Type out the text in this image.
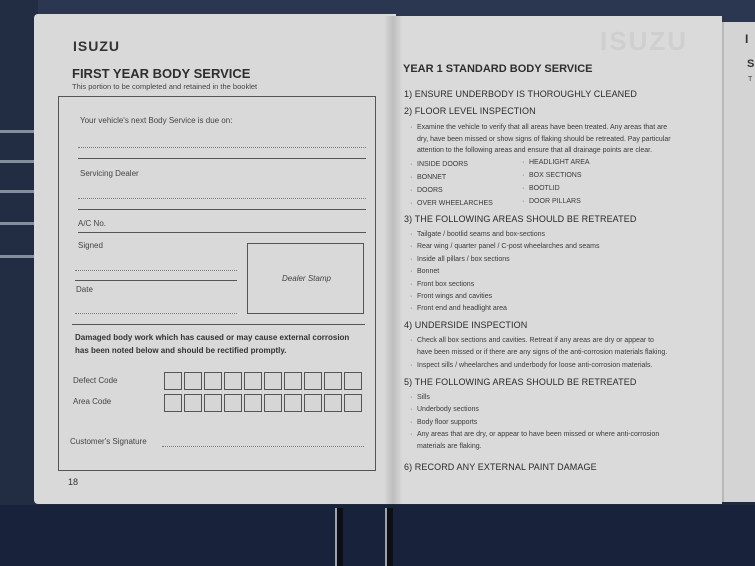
ISUZU
FIRST YEAR BODY SERVICE
This portion to be completed and retained in the booklet
Your vehicle's next Body Service is due on:
Servicing Dealer
A/C No.
Signed
Date
Dealer Stamp
Damaged body work which has caused or may cause external corrosion has been noted below and should be rectified promptly.
Defect Code
Area Code
Customer's Signature
18
ISUZU
YEAR 1 STANDARD BODY SERVICE
1) ENSURE UNDERBODY IS THOROUGHLY CLEANED
2) FLOOR LEVEL INSPECTION
· Examine the vehicle to verify that all areas have been treated. Any areas that are
dry, have been missed or show signs of flaking should be retreated. Pay particular
attention to the following areas and ensure that all drainage points are clear.
· INSIDE DOORS
· BONNET
· DOORS
· OVER WHEELARCHES
· HEADLIGHT AREA
· BOX SECTIONS
· BOOTLID
· DOOR PILLARS
3) THE FOLLOWING AREAS SHOULD BE RETREATED
· Tailgate / bootlid seams and box-sections
· Rear wing / quarter panel / C-post wheelarches and seams
· Inside all pillars / box sections
· Bonnet
· Front box sections
· Front wings and cavities
· Front end and headlight area
4) UNDERSIDE INSPECTION
· Check all box sections and cavities. Retreat if any areas are dry or appear to
have been missed or if there are any signs of the anti-corrosion materials flaking.
· Inspect sills / wheelarches and underbody for loose anti-corrosion materials.
5) THE FOLLOWING AREAS SHOULD BE RETREATED
· Sills
· Underbody sections
· Body floor supports
· Any areas that are dry, or appear to have been missed or where anti-corrosion
materials are flaking.
6) RECORD ANY EXTERNAL PAINT DAMAGE
I
S
T
